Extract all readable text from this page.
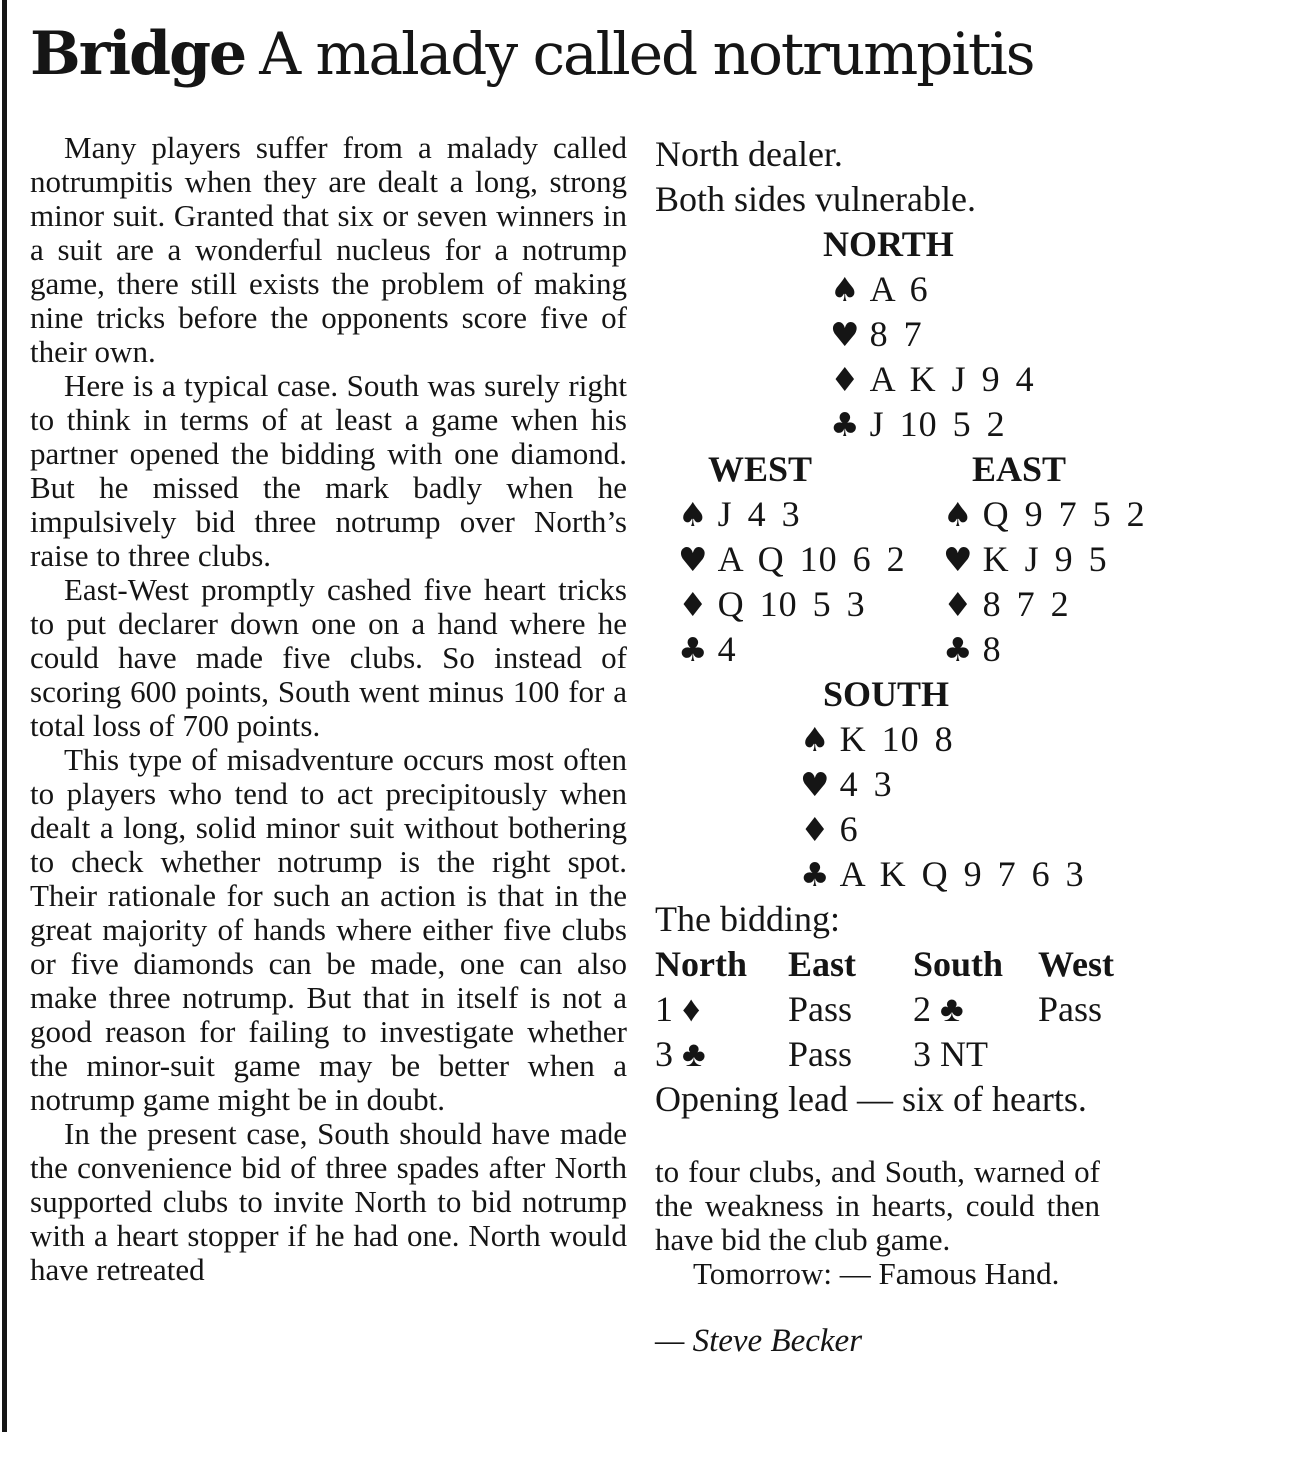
Bridge A malady called notrumpitis

Many players suffer from a malady called notrumpitis when they are dealt a long, strong minor suit. Granted that six or seven winners in a suit are a wonderful nucleus for a notrump game, there still exists the problem of making nine tricks before the opponents score five of their own.

Here is a typical case. South was surely right to think in terms of at least a game when his partner opened the bidding with one diamond. But he missed the mark badly when he impulsively bid three notrump over North’s raise to three clubs.

East-West promptly cashed five heart tricks to put declarer down one on a hand where he could have made five clubs. So instead of scoring 600 points, South went minus 100 for a total loss of 700 points.

This type of misadventure occurs most often to players who tend to act precipitously when dealt a long, solid minor suit without bothering to check whether notrump is the right spot. Their rationale for such an action is that in the great majority of hands where either five clubs or five diamonds can be made, one can also make three notrump. But that in itself is not a good reason for failing to investigate whether the minor-suit game may be better when a notrump game might be in doubt.

In the present case, South should have made the convenience bid of three spades after North supported clubs to invite North to bid notrump with a heart stopper if he had one. North would have retreated

North dealer.
Both sides vulnerable.
NORTH
♠ A 6
♥ 8 7
♦ A K J 9 4
♣ J 10 5 2
WEST
♠ J 4 3
♥ A Q 10 6 2
♦ Q 10 5 3
♣ 4
EAST
♠ Q 9 7 5 2
♥ K J 9 5
♦ 8 7 2
♣ 8
SOUTH
♠ K 10 8
♥ 4 3
♦ 6
♣ A K Q 9 7 6 3
The bidding:
North	East	South West
1 ♦	Pass	2 ♣	Pass
3 ♣	Pass	3 NT
Opening lead — six of hearts.

to four clubs, and South, warned of the weakness in hearts, could then have bid the club game.

Tomorrow: — Famous Hand.

— Steve Becker
